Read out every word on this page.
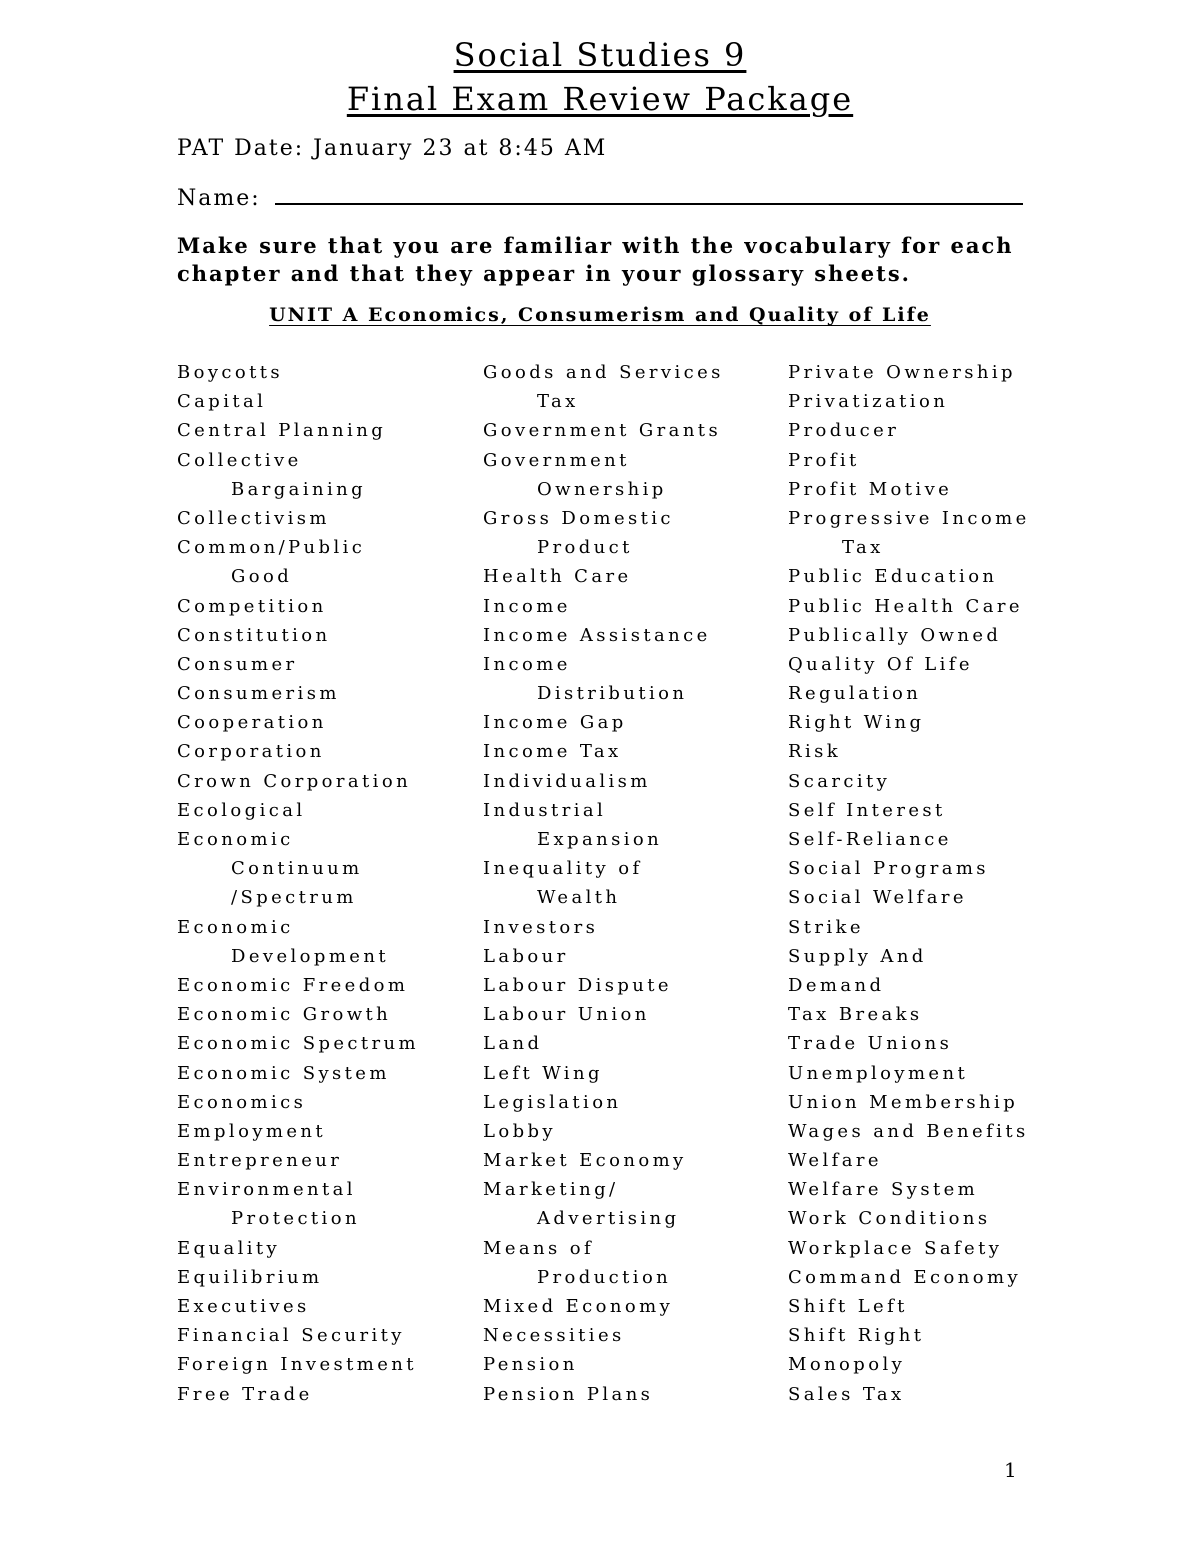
Social Studies 9
Final Exam Review Package

PAT Date: January 23 at 8:45 AM

Name:

Make sure that you are familiar with the vocabulary for each chapter and that they appear in your glossary sheets.

UNIT A Economics, Consumerism and Quality of Life

Boycotts
Capital
Central Planning
Collective
Bargaining
Collectivism
Common/Public
Good
Competition
Constitution
Consumer
Consumerism
Cooperation
Corporation
Crown Corporation
Ecological
Economic
Continuum
/Spectrum
Economic
Development
Economic Freedom
Economic Growth
Economic Spectrum
Economic System
Economics
Employment
Entrepreneur
Environmental
Protection
Equality
Equilibrium
Executives
Financial Security
Foreign Investment
Free Trade
Goods and Services
Tax
Government Grants
Government
Ownership
Gross Domestic
Product
Health Care
Income
Income Assistance
Income
Distribution
Income Gap
Income Tax
Individualism
Industrial
Expansion
Inequality of
Wealth
Investors
Labour
Labour Dispute
Labour Union
Land
Left Wing
Legislation
Lobby
Market Economy
Marketing/
Advertising
Means of
Production
Mixed Economy
Necessities
Pension
Pension Plans
Private Ownership
Privatization
Producer
Profit
Profit Motive
Progressive Income
Tax
Public Education
Public Health Care
Publically Owned
Quality Of Life
Regulation
Right Wing
Risk
Scarcity
Self Interest
Self-Reliance
Social Programs
Social Welfare
Strike
Supply And
Demand
Tax Breaks
Trade Unions
Unemployment
Union Membership
Wages and Benefits
Welfare
Welfare System
Work Conditions
Workplace Safety
Command Economy
Shift Left
Shift Right
Monopoly
Sales Tax

1
